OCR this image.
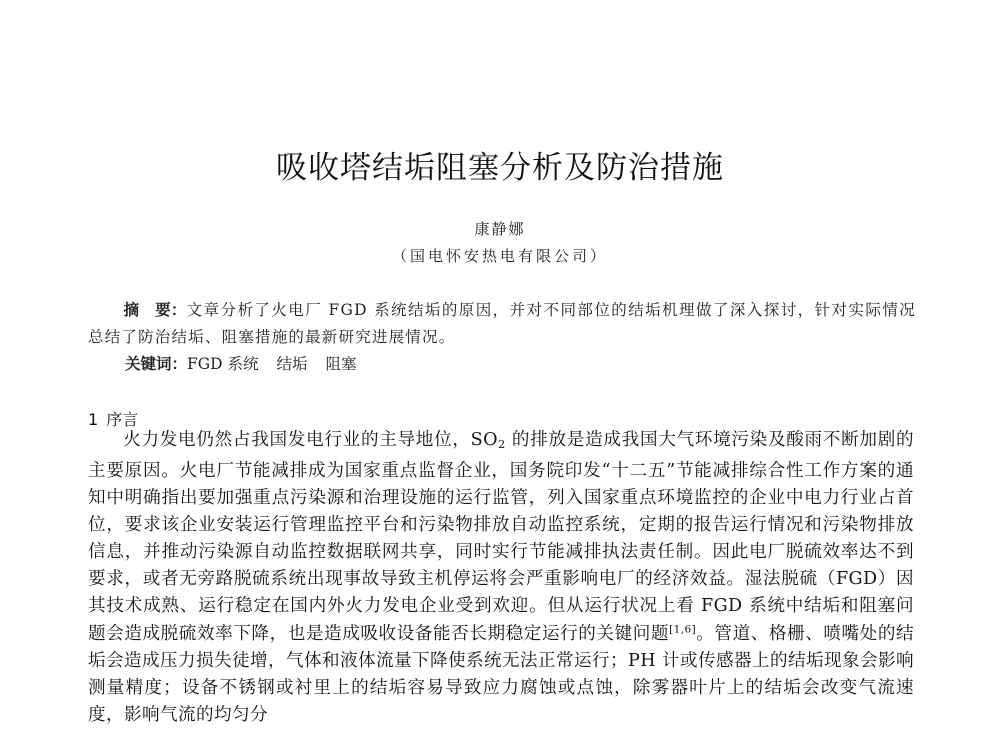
吸收塔结垢阻塞分析及防治措施
康静娜
（国电怀安热电有限公司）

摘　要：文章分析了火电厂 FGD 系统结垢的原因，并对不同部位的结垢机理做了深入探讨，针对实际情况总结了防治结垢、阻塞措施的最新研究进展情况。

关键词：FGD 系统 结垢 阻塞

1 序言

火力发电仍然占我国发电行业的主导地位，$SO_2$ 的排放是造成我国大气环境污染及酸雨不断加剧的主要原因。火电厂节能减排成为国家重点监督企业，国务院印发“十二五”节能减排综合性工作方案的通知中明确指出要加强重点污染源和治理设施的运行监管，列入国家重点环境监控的企业中电力行业占首位，要求该企业安装运行管理监控平台和污染物排放自动监控系统，定期的报告运行情况和污染物排放信息，并推动污染源自动监控数据联网共享，同时实行节能减排执法责任制。因此电厂脱硫效率达不到要求，或者无旁路脱硫系统出现事故导致主机停运将会严重影响电厂的经济效益。湿法脱硫（FGD）因其技术成熟、运行稳定在国内外火力发电企业受到欢迎。但从运行状况上看 FGD 系统中结垢和阻塞问题会造成脱硫效率下降，也是造成吸收设备能否长期稳定运行的关键问题[1,6]。管道、格栅、喷嘴处的结垢会造成压力损失徒增，气体和液体流量下降使系统无法正常运行；PH 计或传感器上的结垢现象会影响测量精度；设备不锈钢或衬里上的结垢容易导致应力腐蚀或点蚀，除雾器叶片上的结垢会改变气流速度，影响气流的均匀分
